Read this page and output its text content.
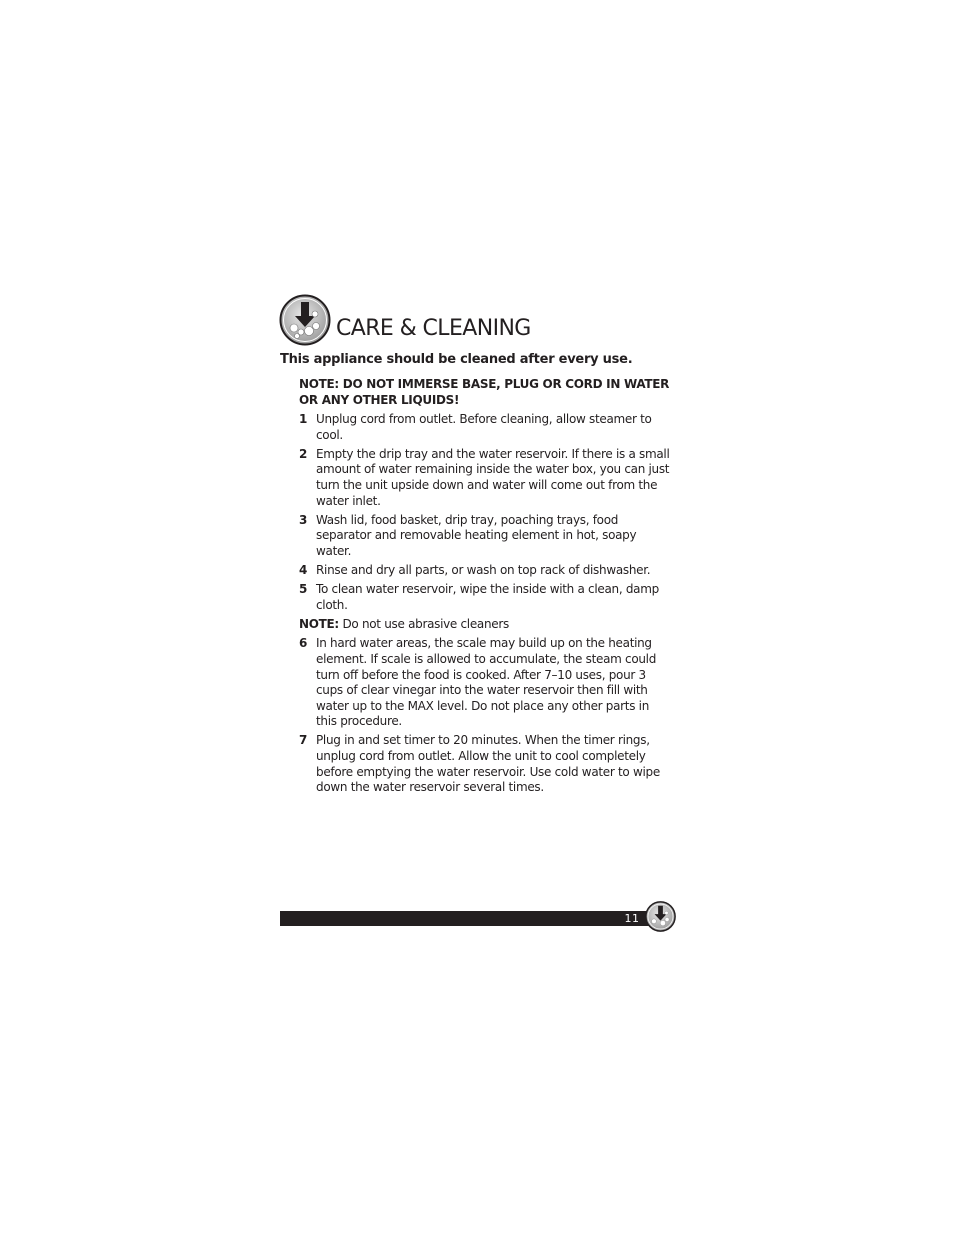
CARE & CLEANING
This appliance should be cleaned after every use.
NOTE: DO NOT IMMERSE BASE, PLUG OR CORD IN WATER OR ANY OTHER LIQUIDS!
1 Unplug cord from outlet. Before cleaning, allow steamer to cool.
2 Empty the drip tray and the water reservoir. If there is a small amount of water remaining inside the water box, you can just turn the unit upside down and water will come out from the water inlet.
3 Wash lid, food basket, drip tray, poaching trays, food separator and removable heating element in hot, soapy water.
4 Rinse and dry all parts, or wash on top rack of dishwasher.
5 To clean water reservoir, wipe the inside with a clean, damp cloth.
NOTE: Do not use abrasive cleaners
6 In hard water areas, the scale may build up on the heating element. If scale is allowed to accumulate, the steam could turn off before the food is cooked. After 7–10 uses, pour 3 cups of clear vinegar into the water reservoir then fill with water up to the MAX level. Do not place any other parts in this procedure.
7 Plug in and set timer to 20 minutes. When the timer rings, unplug cord from outlet. Allow the unit to cool completely before emptying the water reservoir. Use cold water to wipe down the water reservoir several times.
11
